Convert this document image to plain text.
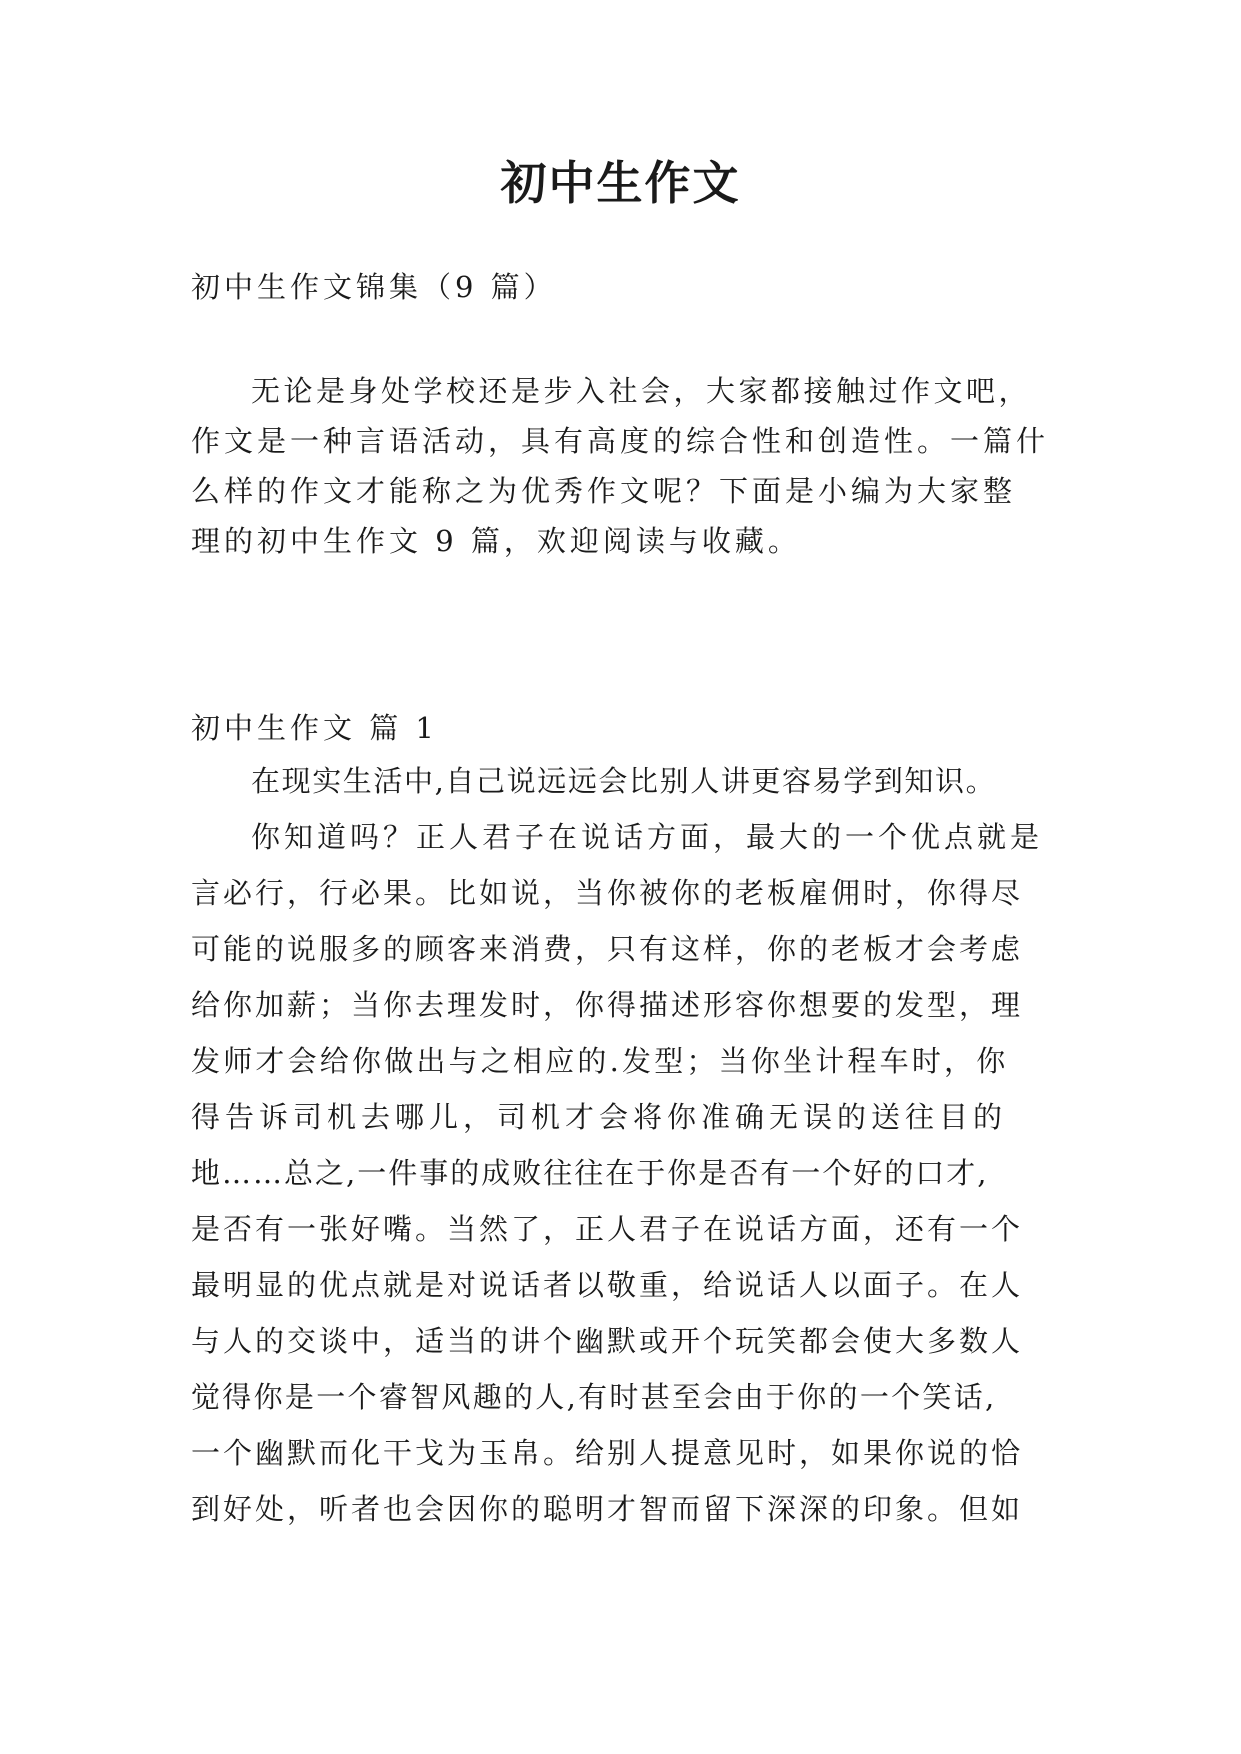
初中生作文
初中生作文锦集（9 篇）
无论是身处学校还是步入社会，大家都接触过作文吧，
作文是一种言语活动，具有高度的综合性和创造性。一篇什
么样的作文才能称之为优秀作文呢？下面是小编为大家整
理的初中生作文 9 篇，欢迎阅读与收藏。
初中生作文 篇 1
在现实生活中,自己说远远会比别人讲更容易学到知识。
你知道吗？正人君子在说话方面，最大的一个优点就是
言必行，行必果。比如说，当你被你的老板雇佣时，你得尽
可能的说服多的顾客来消费，只有这样，你的老板才会考虑
给你加薪；当你去理发时，你得描述形容你想要的发型，理
发师才会给你做出与之相应的.发型；当你坐计程车时，你
得告诉司机去哪儿，司机才会将你准确无误的送往目的
地……总之,一件事的成败往往在于你是否有一个好的口才,
是否有一张好嘴。当然了，正人君子在说话方面，还有一个
最明显的优点就是对说话者以敬重，给说话人以面子。在人
与人的交谈中，适当的讲个幽默或开个玩笑都会使大多数人
觉得你是一个睿智风趣的人,有时甚至会由于你的一个笑话,
一个幽默而化干戈为玉帛。给别人提意见时，如果你说的恰
到好处，听者也会因你的聪明才智而留下深深的印象。但如
